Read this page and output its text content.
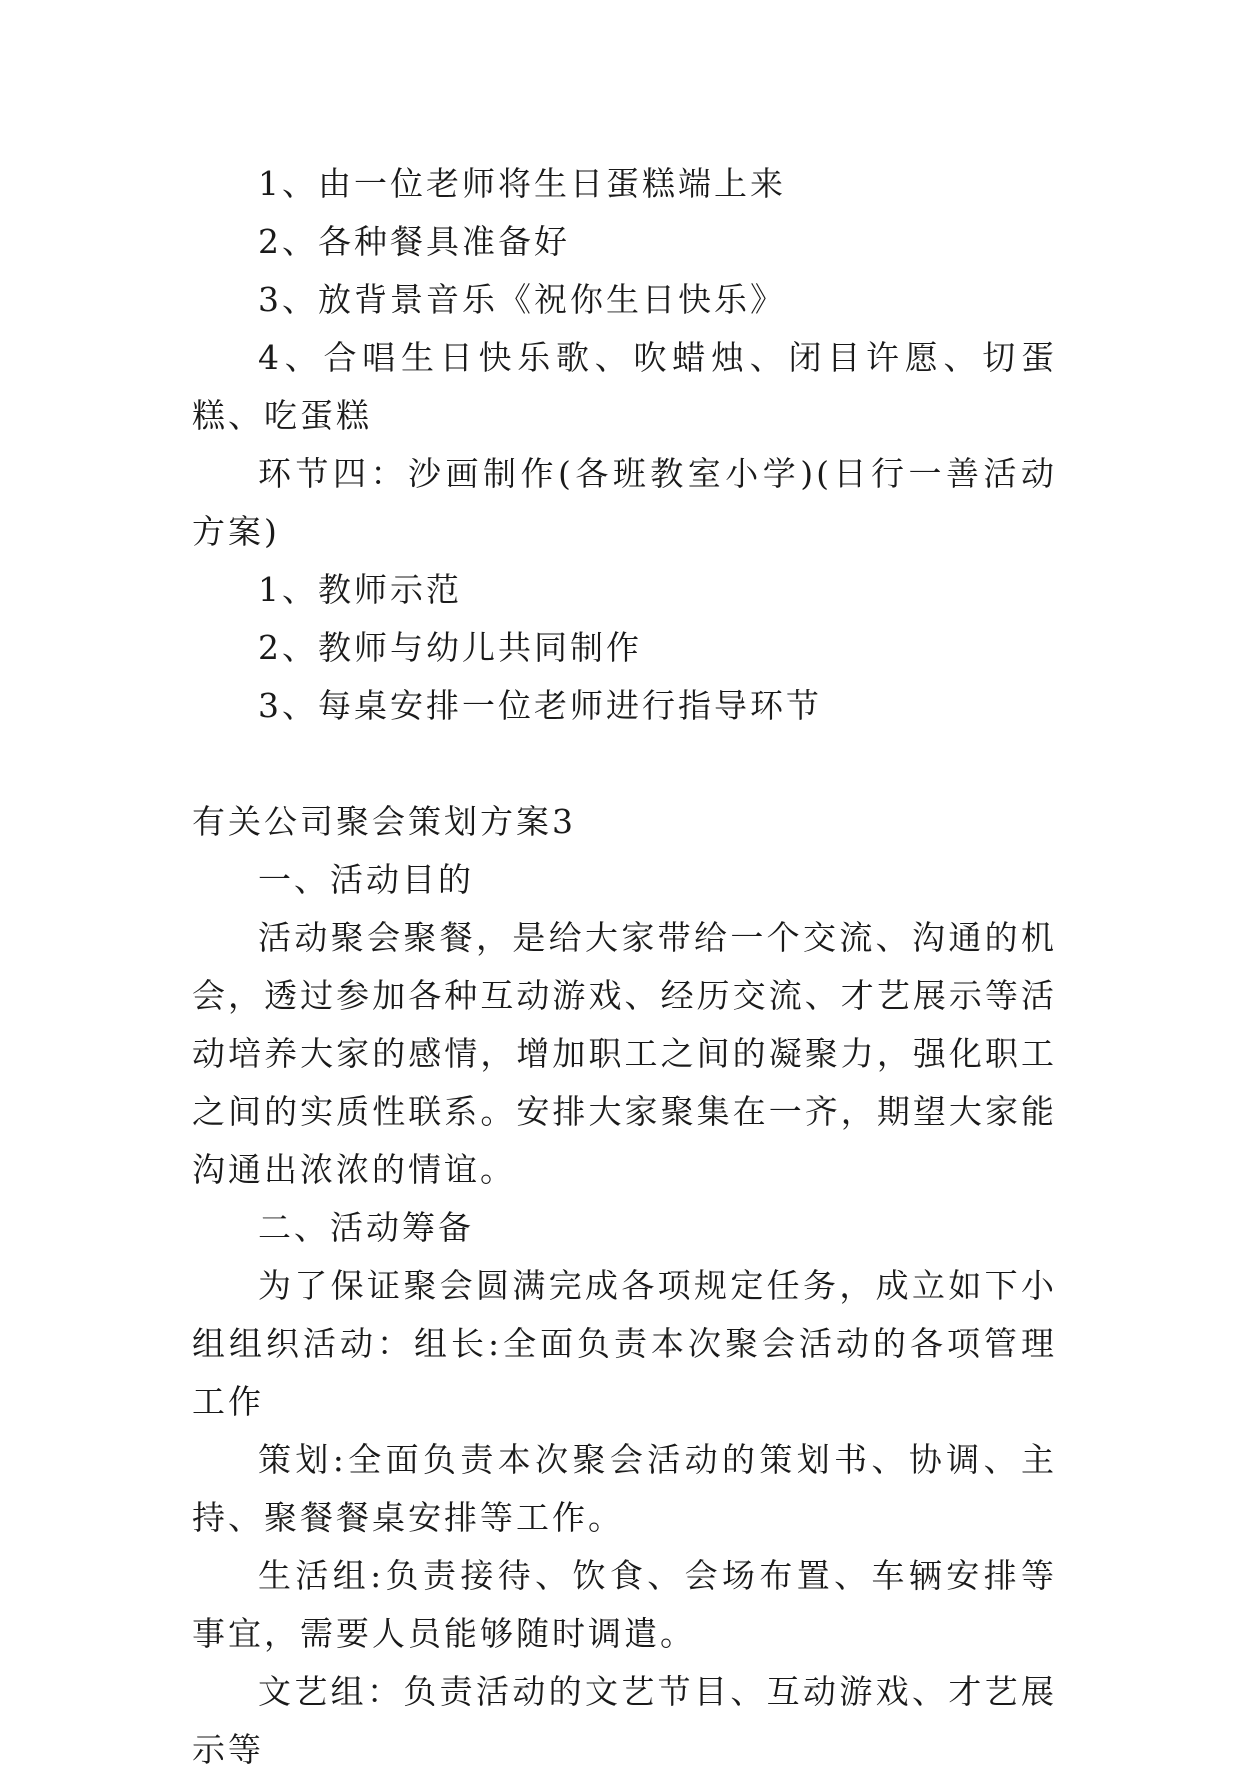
1、由一位老师将生日蛋糕端上来

2、各种餐具准备好

3、放背景音乐《祝你生日快乐》

4、合唱生日快乐歌、吹蜡烛、闭目许愿、切蛋糕、吃蛋糕

环节四：沙画制作(各班教室小学)(日行一善活动方案)

1、教师示范

2、教师与幼儿共同制作

3、每桌安排一位老师进行指导环节

有关公司聚会策划方案3

一、活动目的

活动聚会聚餐，是给大家带给一个交流、沟通的机会，透过参加各种互动游戏、经历交流、才艺展示等活动培养大家的感情，增加职工之间的凝聚力，强化职工之间的实质性联系。安排大家聚集在一齐，期望大家能沟通出浓浓的情谊。

二、活动筹备

为了保证聚会圆满完成各项规定任务，成立如下小组组织活动：组长:全面负责本次聚会活动的各项管理工作

策划:全面负责本次聚会活动的策划书、协调、主持、聚餐餐桌安排等工作。

生活组:负责接待、饮食、会场布置、车辆安排等事宜，需要人员能够随时调遣。

文艺组：负责活动的文艺节目、互动游戏、才艺展示等
